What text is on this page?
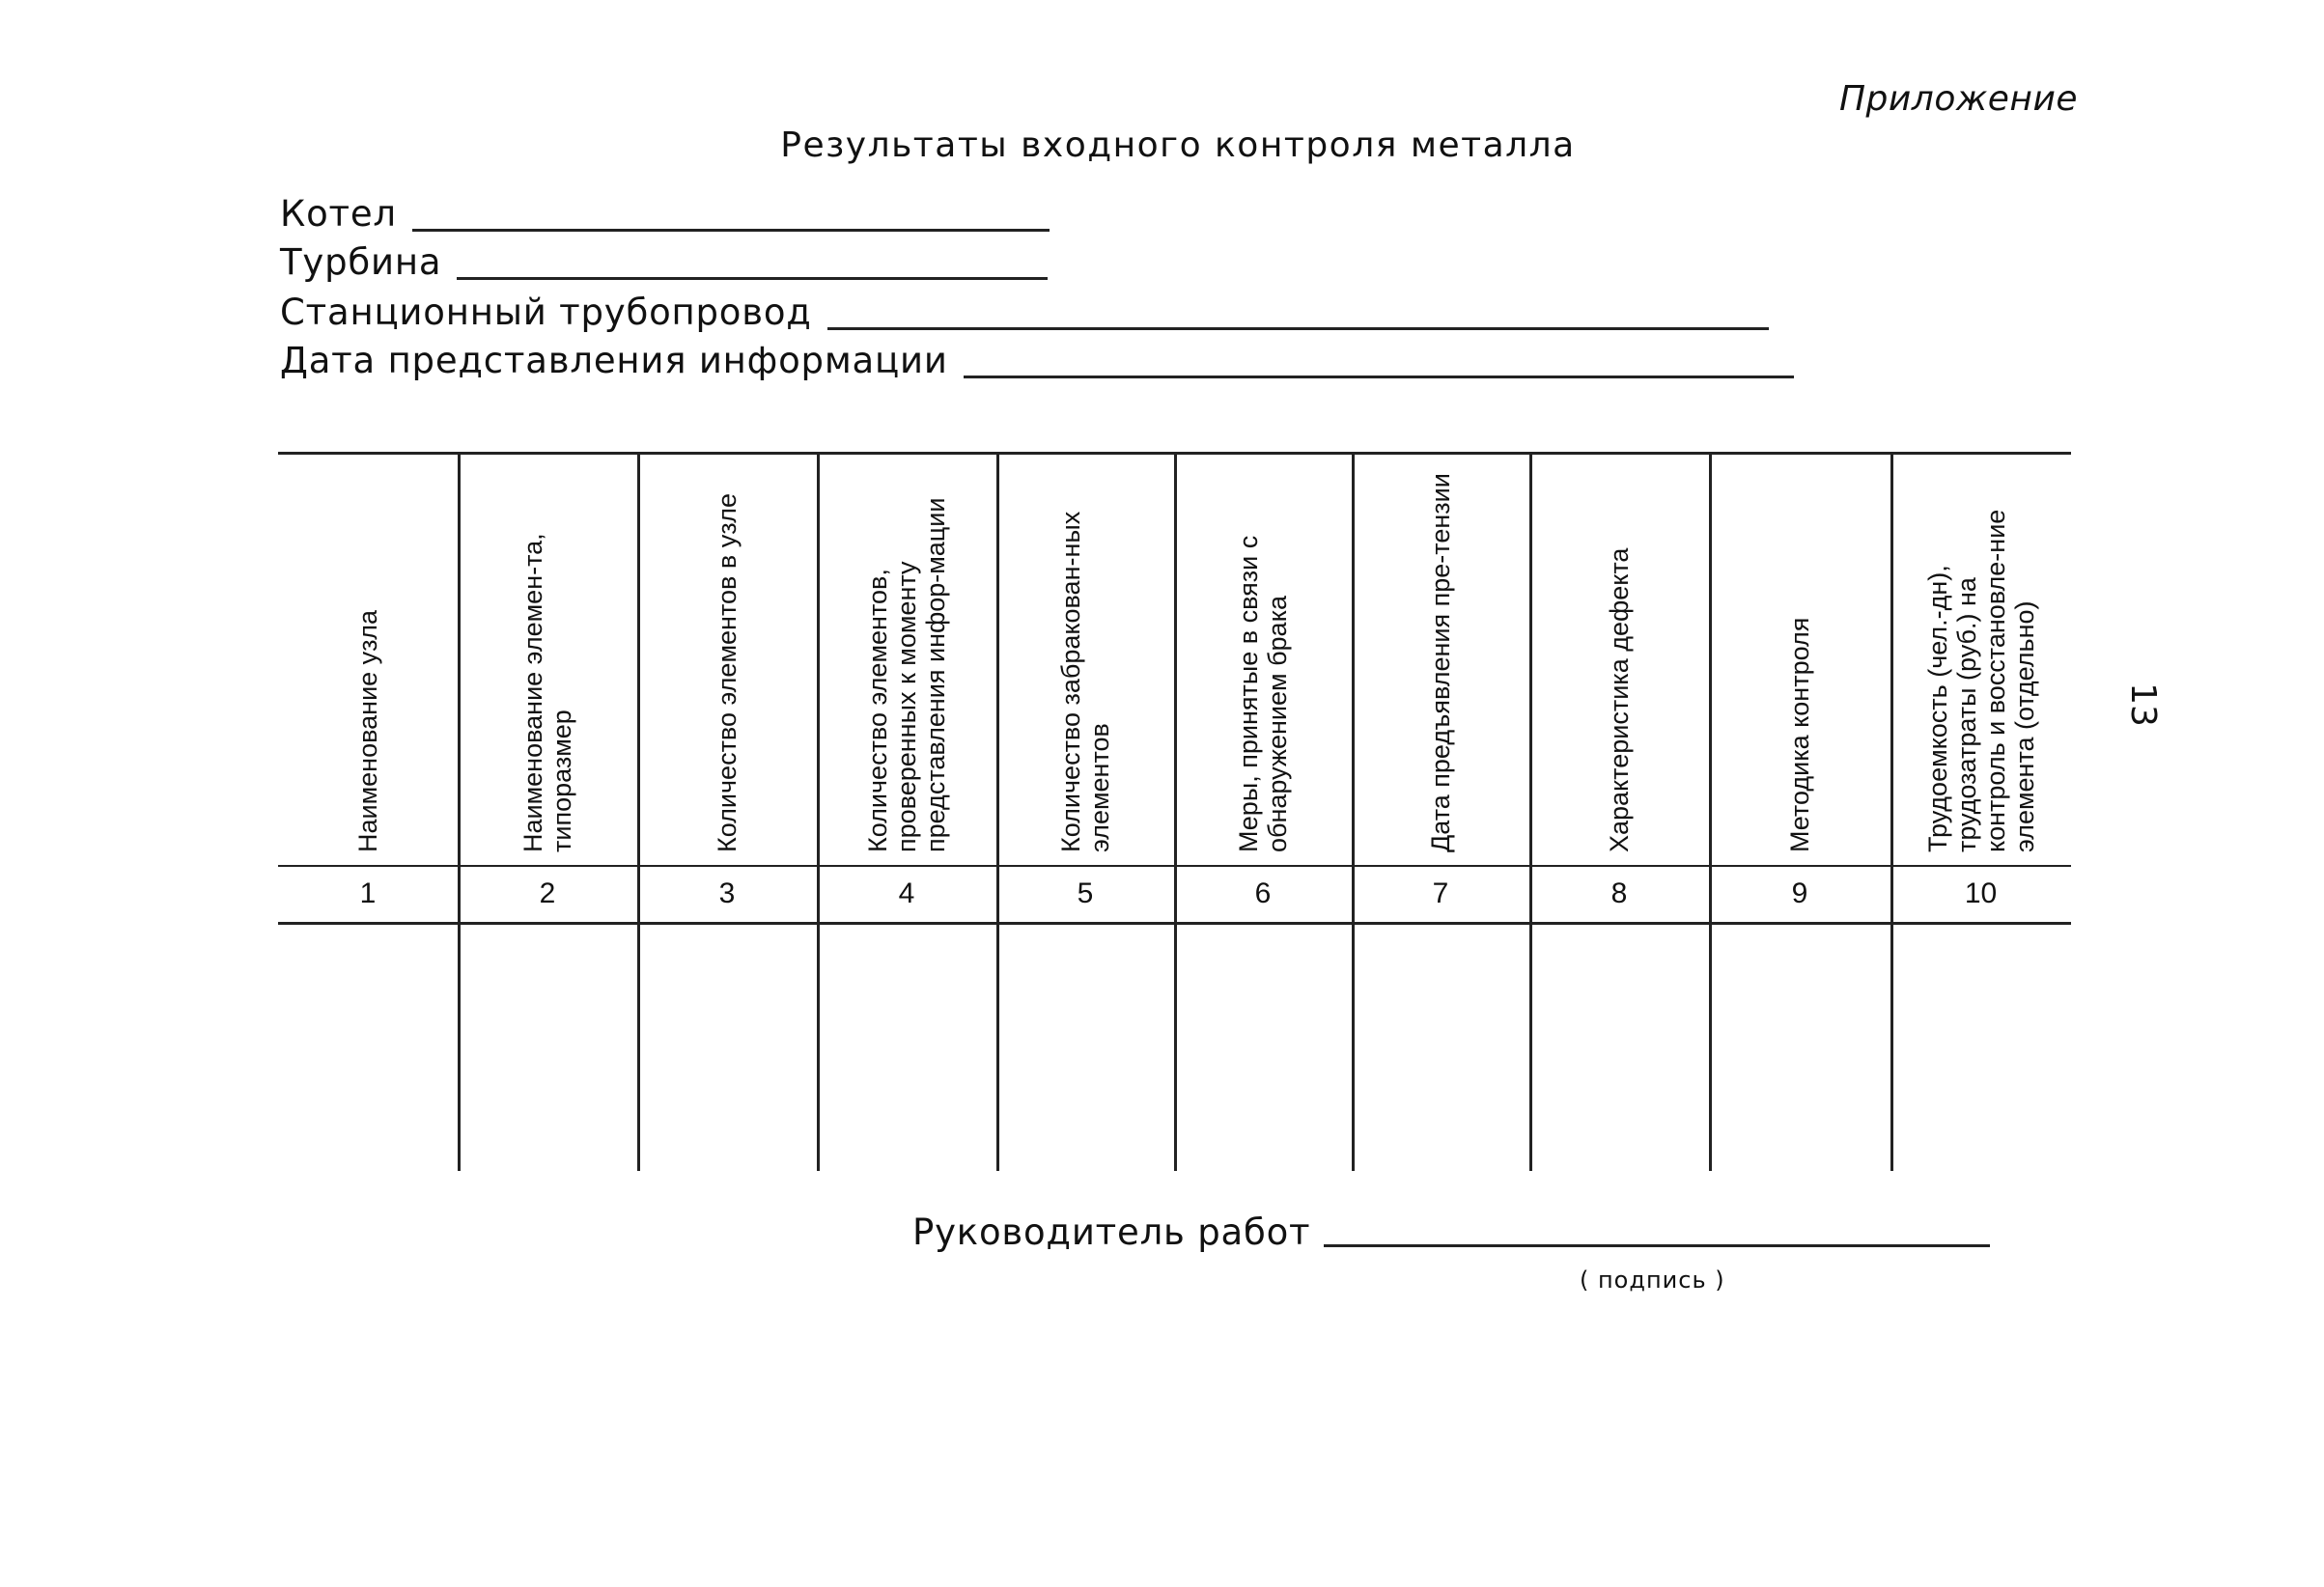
Приложение
Результаты входного контроля металла
Котел
Турбина
Станционный трубопровод
Дата представления информации
Наименование узла	Наименование элемен-та, типоразмер	Количество элементов в узле	Количество элементов, проверенных к моменту представления инфор-мации	Количество забракован-ных элементов	Меры, принятые в связи с обнаружением брака	Дата предъявления пре-тензии	Характеристика дефекта	Методика контроля	Трудоемкость (чел.-дн), трудозатраты (руб.) на контроль и восстановле-ние элемента (отдельно)
1	2	3	4	5	6	7	8	9	10
13
Руководитель работ
( подпись )
